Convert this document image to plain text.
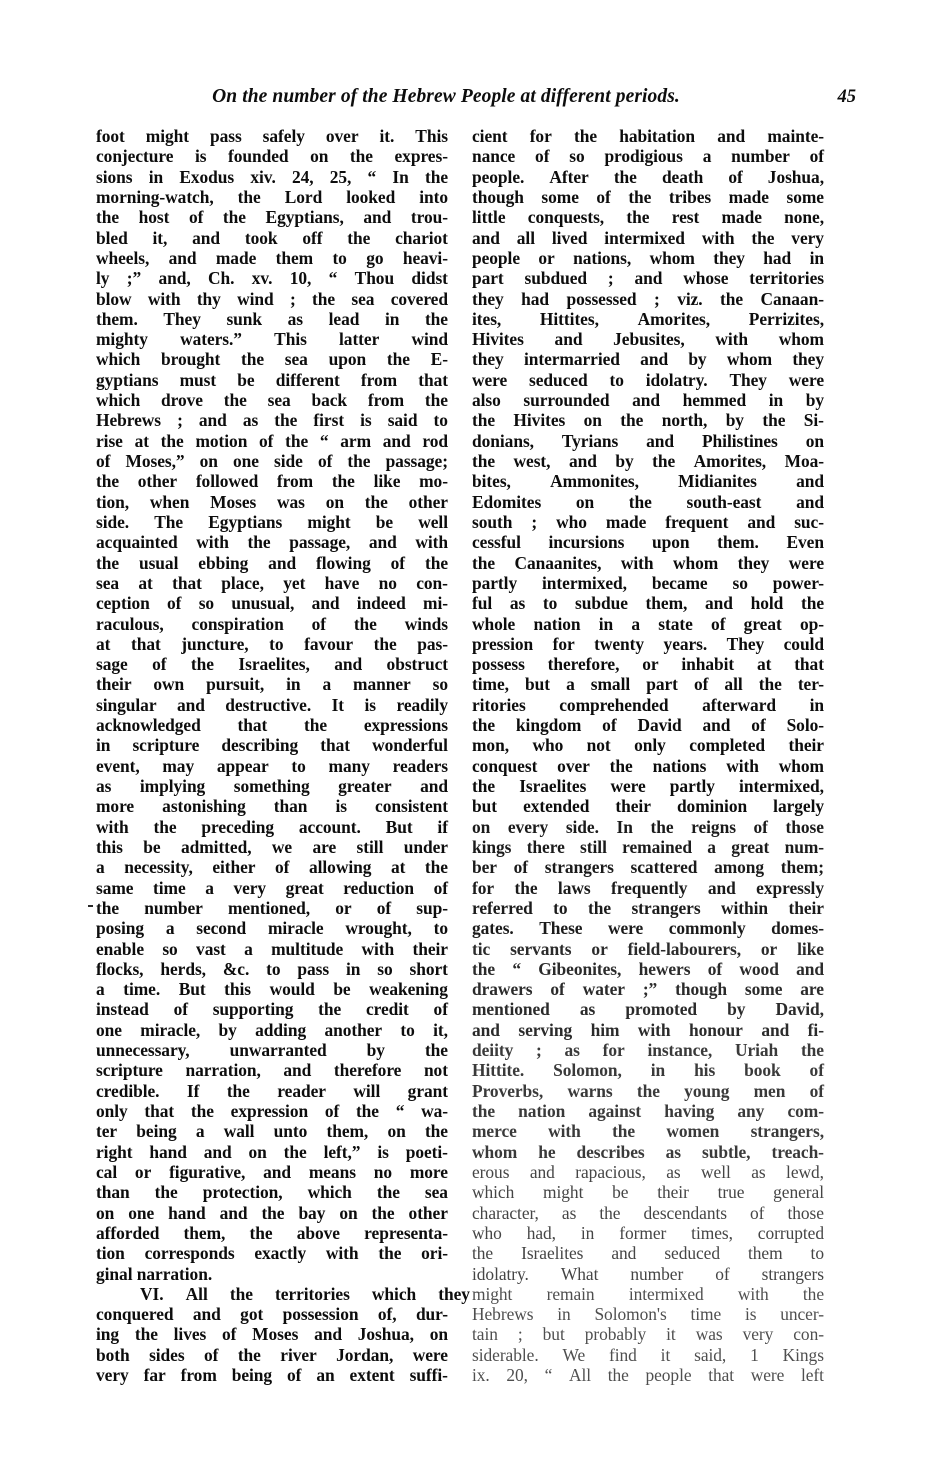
On the number of the Hebrew People at different periods.	45
foot might pass safely over it. This
conjecture is founded on the expres-
sions in Exodus xiv. 24, 25, “ In the
morning-watch, the Lord looked into
the host of the Egyptians, and trou-
bled it, and took off the chariot
wheels, and made them to go heavi-
ly ;” and, Ch. xv. 10, “ Thou didst
blow with thy wind ; the sea covered
them. They sunk as lead in the
mighty waters.” This latter wind
which brought the sea upon the E-
gyptians must be different from that
which drove the sea back from the
Hebrews ; and as the first is said to
rise at the motion of the “ arm and rod
of Moses,” on one side of the passage;
the other followed from the like mo-
tion, when Moses was on the other
side. The Egyptians might be well
acquainted with the passage, and with
the usual ebbing and flowing of the
sea at that place, yet have no con-
ception of so unusual, and indeed mi-
raculous, conspiration of the winds
at that juncture, to favour the pas-
sage of the Israelites, and obstruct
their own pursuit, in a manner so
singular and destructive. It is readily
acknowledged that the expressions
in scripture describing that wonderful
event, may appear to many readers
as implying something greater and
more astonishing than is consistent
with the preceding account. But if
this be admitted, we are still under
a necessity, either of allowing at the
same time a very great reduction of
the number mentioned, or of sup-
posing a second miracle wrought, to
enable so vast a multitude with their
flocks, herds, &c. to pass in so short
a time. But this would be weakening
instead of supporting the credit of
one miracle, by adding another to it,
unnecessary, unwarranted by the
scripture narration, and therefore not
credible. If the reader will grant
only that the expression of the “ wa-
ter being a wall unto them, on the
right hand and on the left,” is poeti-
cal or figurative, and means no more
than the protection, which the sea
on one hand and the bay on the other
afforded them, the above representa-
tion corresponds exactly with the ori-
ginal narration.
VI. All the territories which they
conquered and got possession of, dur-
ing the lives of Moses and Joshua, on
both sides of the river Jordan, were
very far from being of an extent suffi-
cient for the habitation and mainte-
nance of so prodigious a number of
people. After the death of Joshua,
though some of the tribes made some
little conquests, the rest made none,
and all lived intermixed with the very
people or nations, whom they had in
part subdued ; and whose territories
they had possessed ; viz. the Canaan-
ites, Hittites, Amorites, Perrizites,
Hivites and Jebusites, with whom
they intermarried and by whom they
were seduced to idolatry. They were
also surrounded and hemmed in by
the Hivites on the north, by the Si-
donians, Tyrians and Philistines on
the west, and by the Amorites, Moa-
bites, Ammonites, Midianites and
Edomites on the south-east and
south ; who made frequent and suc-
cessful incursions upon them. Even
the Canaanites, with whom they were
partly intermixed, became so power-
ful as to subdue them, and hold the
whole nation in a state of great op-
pression for twenty years. They could
possess therefore, or inhabit at that
time, but a small part of all the ter-
ritories comprehended afterward in
the kingdom of David and of Solo-
mon, who not only completed their
conquest over the nations with whom
the Israelites were partly intermixed,
but extended their dominion largely
on every side. In the reigns of those
kings there still remained a great num-
ber of strangers scattered among them;
for the laws frequently and expressly
referred to the strangers within their
gates. These were commonly domes-
tic servants or field-labourers, or like
the “ Gibeonites, hewers of wood and
drawers of water ;” though some are
mentioned as promoted by David,
and serving him with honour and fi-
deiity ; as for instance, Uriah the
Hittite. Solomon, in his book of
Proverbs, warns the young men of
the nation against having any com-
merce with the women strangers,
whom he describes as subtle, treach-
erous and rapacious, as well as lewd,
which might be their true general
character, as the descendants of those
who had, in former times, corrupted
the Israelites and seduced them to
idolatry. What number of strangers
might remain intermixed with the
Hebrews in Solomon's time is uncer-
tain ; but probably it was very con-
siderable. We find it said, 1 Kings
ix. 20, “ All the people that were left
